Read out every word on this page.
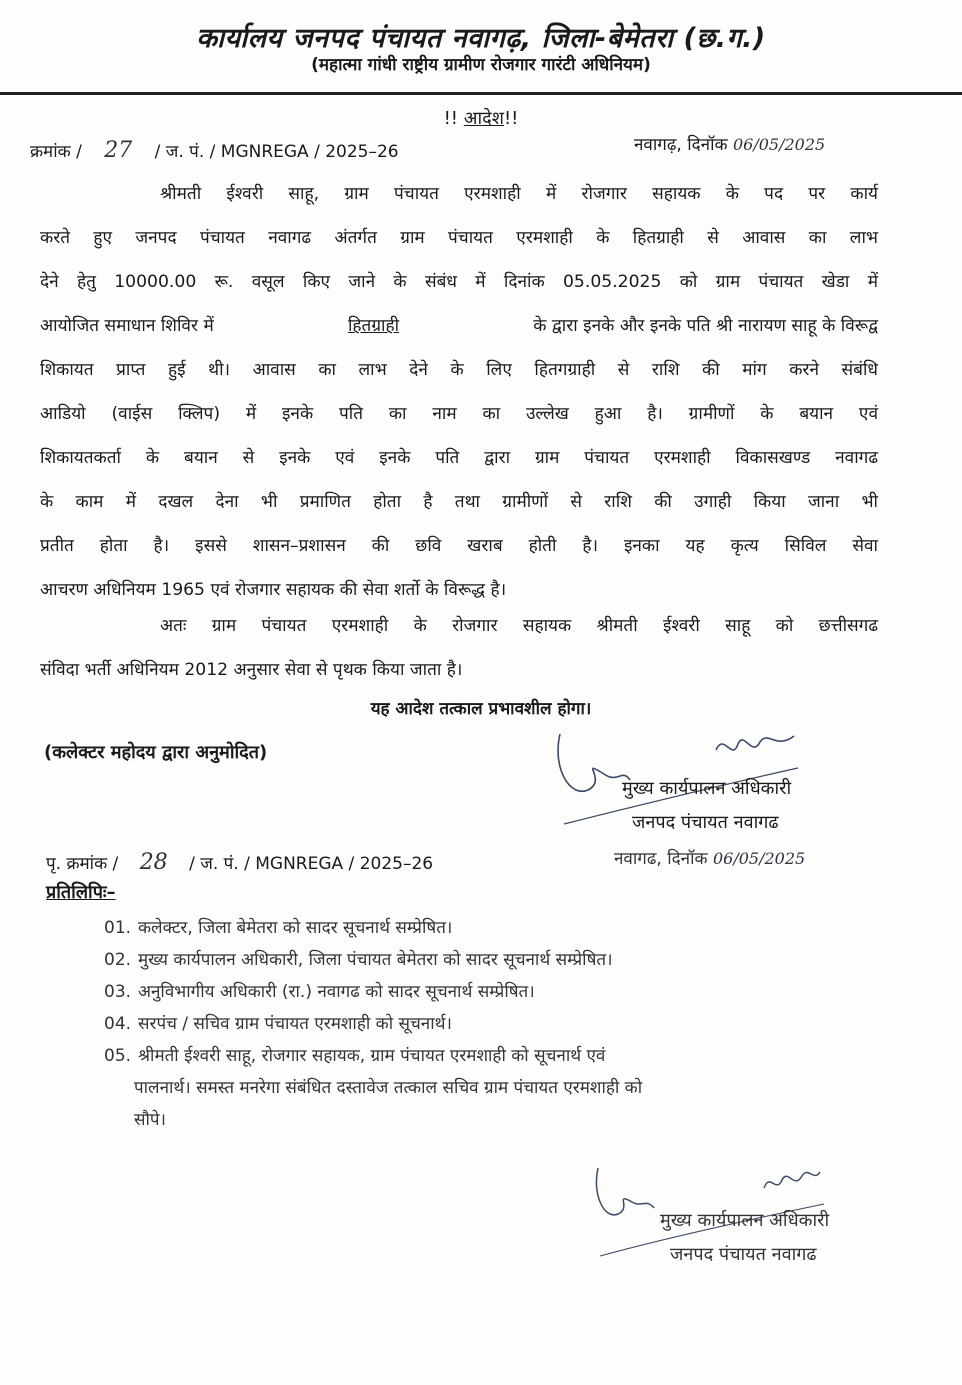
कार्यालय जनपद पंचायत नवागढ़, जिला-बेमेतरा (छ.ग.)
(महात्मा गांधी राष्ट्रीय ग्रामीण रोजगार गारंटी अधिनियम)
!! आदेश!!
क्रमांक / 27 / ज. पं. / MGNREGA / 2025–26	नवागढ़, दिनॉक 06/05/2025
श्रीमती ईश्वरी साहू, ग्राम पंचायत एरमशाही में रोजगार सहायक के पद पर कार्य
करते हुए जनपद पंचायत नवागढ अंतर्गत ग्राम पंचायत एरमशाही के हितग्राही से आवास का लाभ
देने हेतु 10000.00 रू. वसूल किए जाने के संबंध में दिनांक 05.05.2025 को ग्राम पंचायत खेडा में
आयोजित समाधान शिविर में	हितग्राही	के द्वारा इनके और इनके पति श्री नारायण साहू के विरूद्व
शिकायत प्राप्त हुई थी। आवास का लाभ देने के लिए हितगग्राही से राशि की मांग करने संबंधि
आडियो (वाईस क्लिप) में इनके पति का नाम का उल्लेख हुआ है। ग्रामीणों के बयान एवं
शिकायतकर्ता के बयान से इनके एवं इनके पति द्वारा ग्राम पंचायत एरमशाही विकासखण्ड नवागढ
के काम में दखल देना भी प्रमाणित होता है तथा ग्रामीणों से राशि की उगाही किया जाना भी
प्रतीत होता है। इससे शासन–प्रशासन की छवि खराब होती है। इनका यह कृत्य सिविल सेवा
आचरण अधिनियम 1965 एवं रोजगार सहायक की सेवा शर्तो के विरूद्ध है।
अतः ग्राम पंचायत एरमशाही के रोजगार सहायक श्रीमती ईश्वरी साहू को छत्तीसगढ
संविदा भर्ती अधिनियम 2012 अनुसार सेवा से पृथक किया जाता है।
यह आदेश तत्काल प्रभावशील होगा।
(कलेक्टर महोदय द्वारा अनुमोदित)
मुख्य कार्यपालन अधिकारी
जनपद पंचायत नवागढ
पृ. क्रमांक / 28 / ज. पं. / MGNREGA / 2025–26	नवागढ, दिनॉक 06/05/2025
प्रतिलिपिः–
01. कलेक्टर, जिला बेमेतरा को सादर सूचनार्थ सम्प्रेषित।
02. मुख्य कार्यपालन अधिकारी, जिला पंचायत बेमेतरा को सादर सूचनार्थ सम्प्रेषित।
03. अनुविभागीय अधिकारी (रा.) नवागढ को सादर सूचनार्थ सम्प्रेषित।
04. सरपंच / सचिव ग्राम पंचायत एरमशाही को सूचनार्थ।
05. श्रीमती ईश्वरी साहू, रोजगार सहायक, ग्राम पंचायत एरमशाही को सूचनार्थ एवं
पालनार्थ। समस्त मनरेगा संबंधित दस्तावेज तत्काल सचिव ग्राम पंचायत एरमशाही को
सौपे।
मुख्य कार्यपालन अधिकारी
जनपद पंचायत नवागढ
